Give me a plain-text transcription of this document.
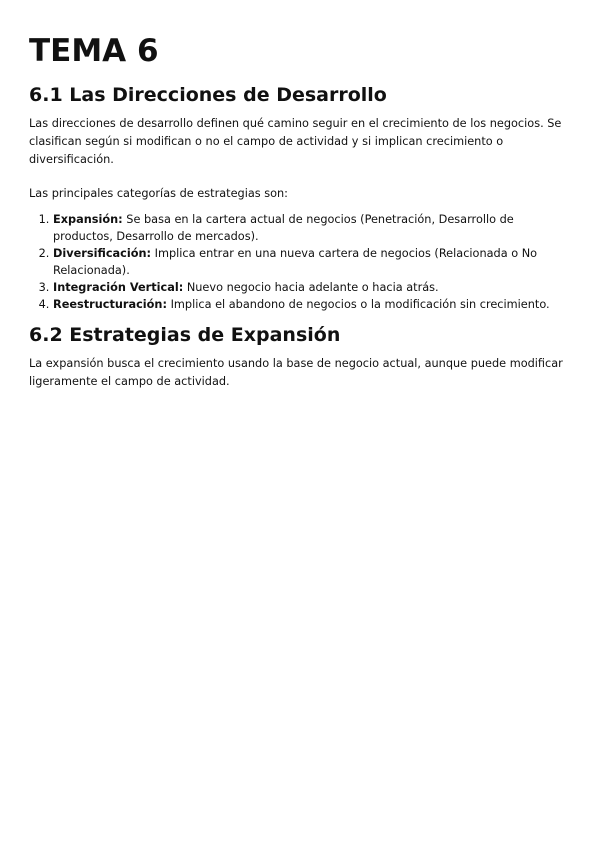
TEMA 6
6.1 Las Direcciones de Desarrollo

Las direcciones de desarrollo definen qué camino seguir en el crecimiento de los negocios. Se clasifican según si modifican o no el campo de actividad y si implican crecimiento o diversificación.

Las principales categorías de estrategias son:

1. Expansión: Se basa en la cartera actual de negocios (Penetración, Desarrollo de productos, Desarrollo de mercados).
2. Diversificación: Implica entrar en una nueva cartera de negocios (Relacionada o No Relacionada).
3. Integración Vertical: Nuevo negocio hacia adelante o hacia atrás.
4. Reestructuración: Implica el abandono de negocios o la modificación sin crecimiento.
6.2 Estrategias de Expansión

La expansión busca el crecimiento usando la base de negocio actual, aunque puede modificar ligeramente el campo de actividad.
